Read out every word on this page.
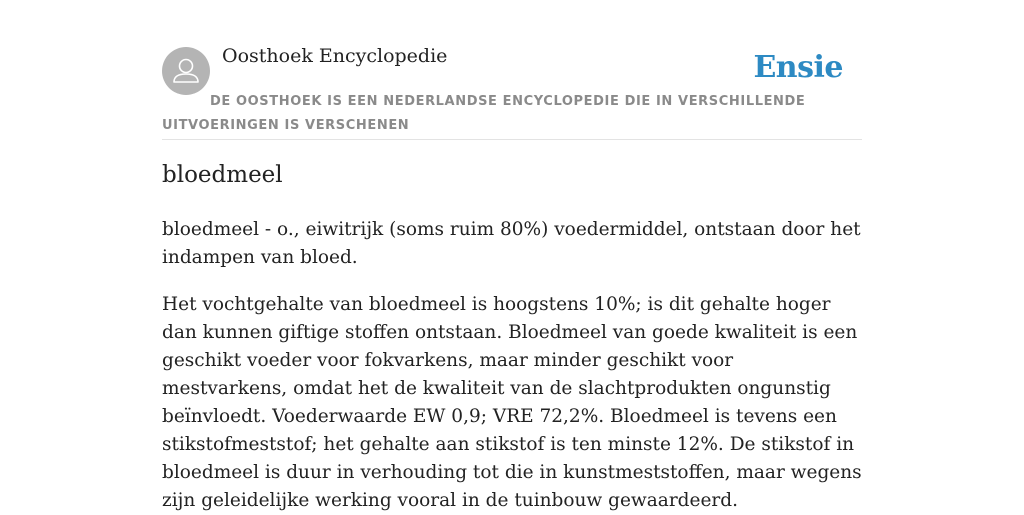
Oosthoek Encyclopedie	Ensie
DE OOSTHOEK IS EEN NEDERLANDSE ENCYCLOPEDIE DIE IN VERSCHILLENDE UITVOERINGEN IS VERSCHENEN
bloedmeel

bloedmeel - o., eiwitrijk (soms ruim 80%) voedermiddel, ontstaan door het indampen van bloed.

Het vochtgehalte van bloedmeel is hoogstens 10%; is dit gehalte hoger dan kunnen giftige stoffen ontstaan. Bloedmeel van goede kwaliteit is een geschikt voeder voor fokvarkens, maar minder geschikt voor mestvarkens, omdat het de kwaliteit van de slachtprodukten ongunstig beïnvloedt. Voederwaarde EW 0,9; VRE 72,2%. Bloedmeel is tevens een stikstofmeststof; het gehalte aan stikstof is ten minste 12%. De stikstof in bloedmeel is duur in verhouding tot die in kunstmeststoffen, maar wegens zijn geleidelijke werking vooral in de tuinbouw gewaardeerd.
